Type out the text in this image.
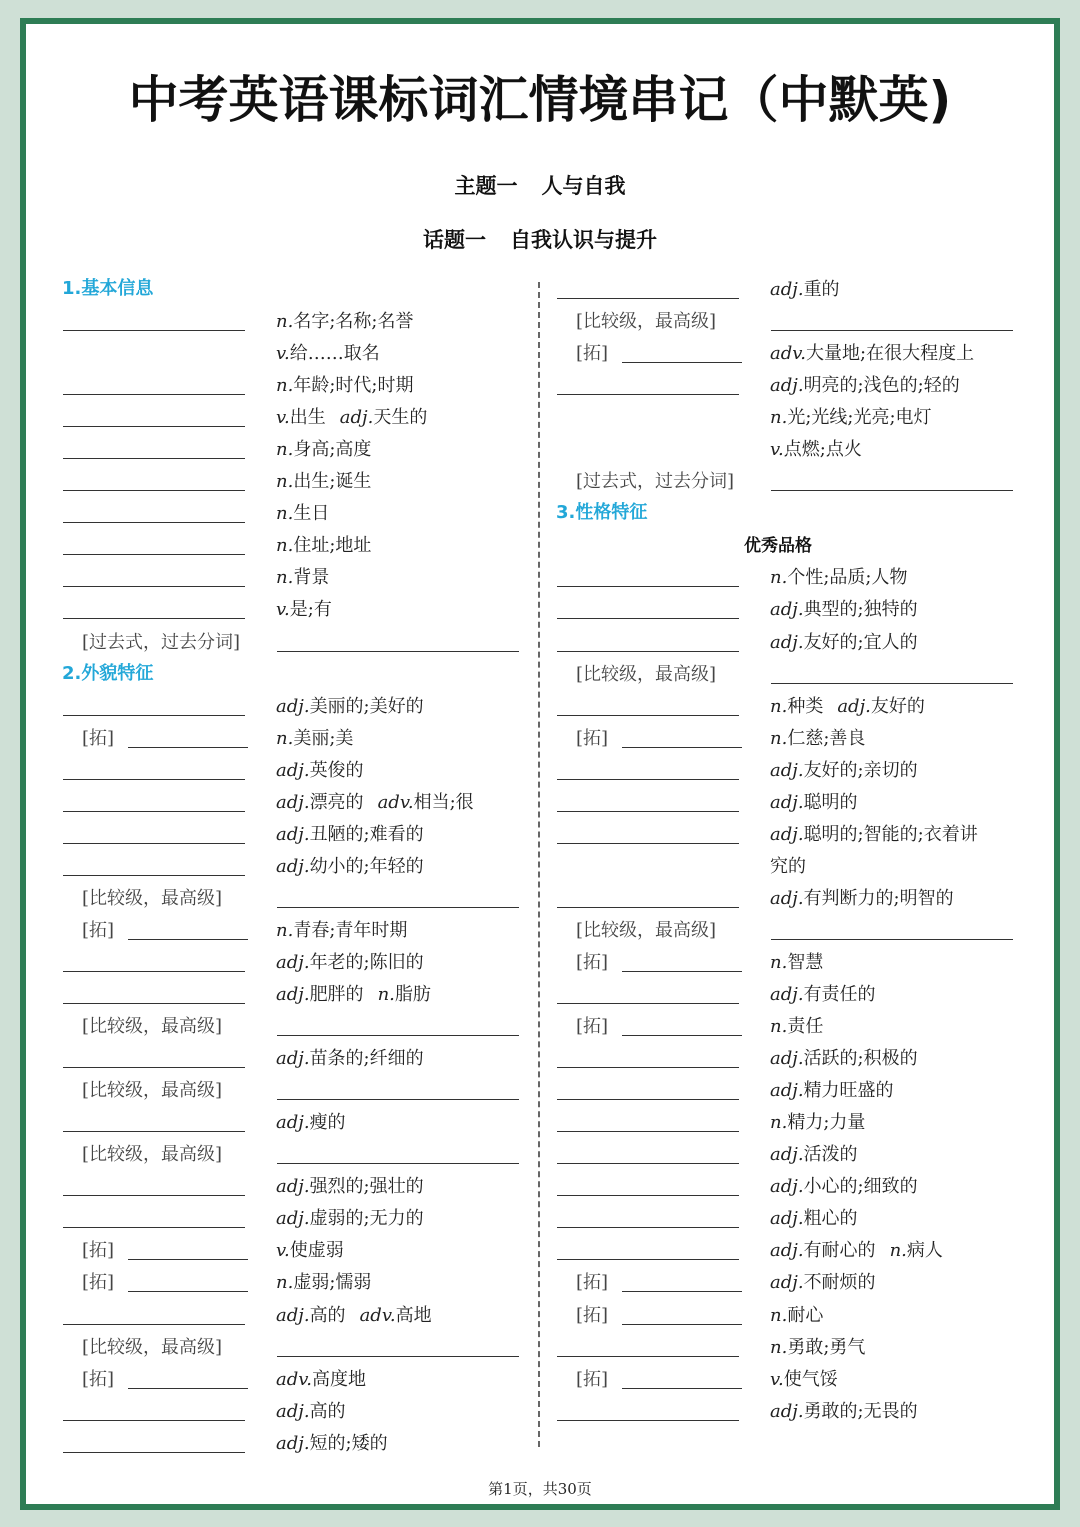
中考英语课标词汇情境串记（中默英)
主题一 人与自我
话题一 自我认识与提升
1.基本信息
n.名字;名称;名誉
v.给……取名
n.年龄;时代;时期
v.出生 adj.天生的
n.身高;高度
n.出生;诞生
n.生日
n.住址;地址
n.背景
v.是;有
[过去式，过去分词]
2.外貌特征
adj.美丽的;美好的
[拓]	n.美丽;美
adj.英俊的
adj.漂亮的 adv.相当;很
adj.丑陋的;难看的
adj.幼小的;年轻的
[比较级，最高级]
[拓]	n.青春;青年时期
adj.年老的;陈旧的
adj.肥胖的 n.脂肪
[比较级，最高级]
adj.苗条的;纤细的
[比较级，最高级]
adj.瘦的
[比较级，最高级]
adj.强烈的;强壮的
adj.虚弱的;无力的
[拓]	v.使虚弱
[拓]	n.虚弱;懦弱
adj.高的 adv.高地
[比较级，最高级]
[拓]	adv.高度地
adj.高的
adj.短的;矮的
adj.重的
[比较级，最高级]
[拓]	adv.大量地;在很大程度上
adj.明亮的;浅色的;轻的
n.光;光线;光亮;电灯
v.点燃;点火
[过去式，过去分词]
3.性格特征
优秀品格
n.个性;品质;人物
adj.典型的;独特的
adj.友好的;宜人的
[比较级，最高级]
n.种类 adj.友好的
[拓]	n.仁慈;善良
adj.友好的;亲切的
adj.聪明的
adj.聪明的;智能的;衣着讲
究的
adj.有判断力的;明智的
[比较级，最高级]
[拓]	n.智慧
adj.有责任的
[拓]	n.责任
adj.活跃的;积极的
adj.精力旺盛的
n.精力;力量
adj.活泼的
adj.小心的;细致的
adj.粗心的
adj.有耐心的 n.病人
[拓]	adj.不耐烦的
[拓]	n.耐心
n.勇敢;勇气
[拓]	v.使气馁
adj.勇敢的;无畏的
第1页，共30页
